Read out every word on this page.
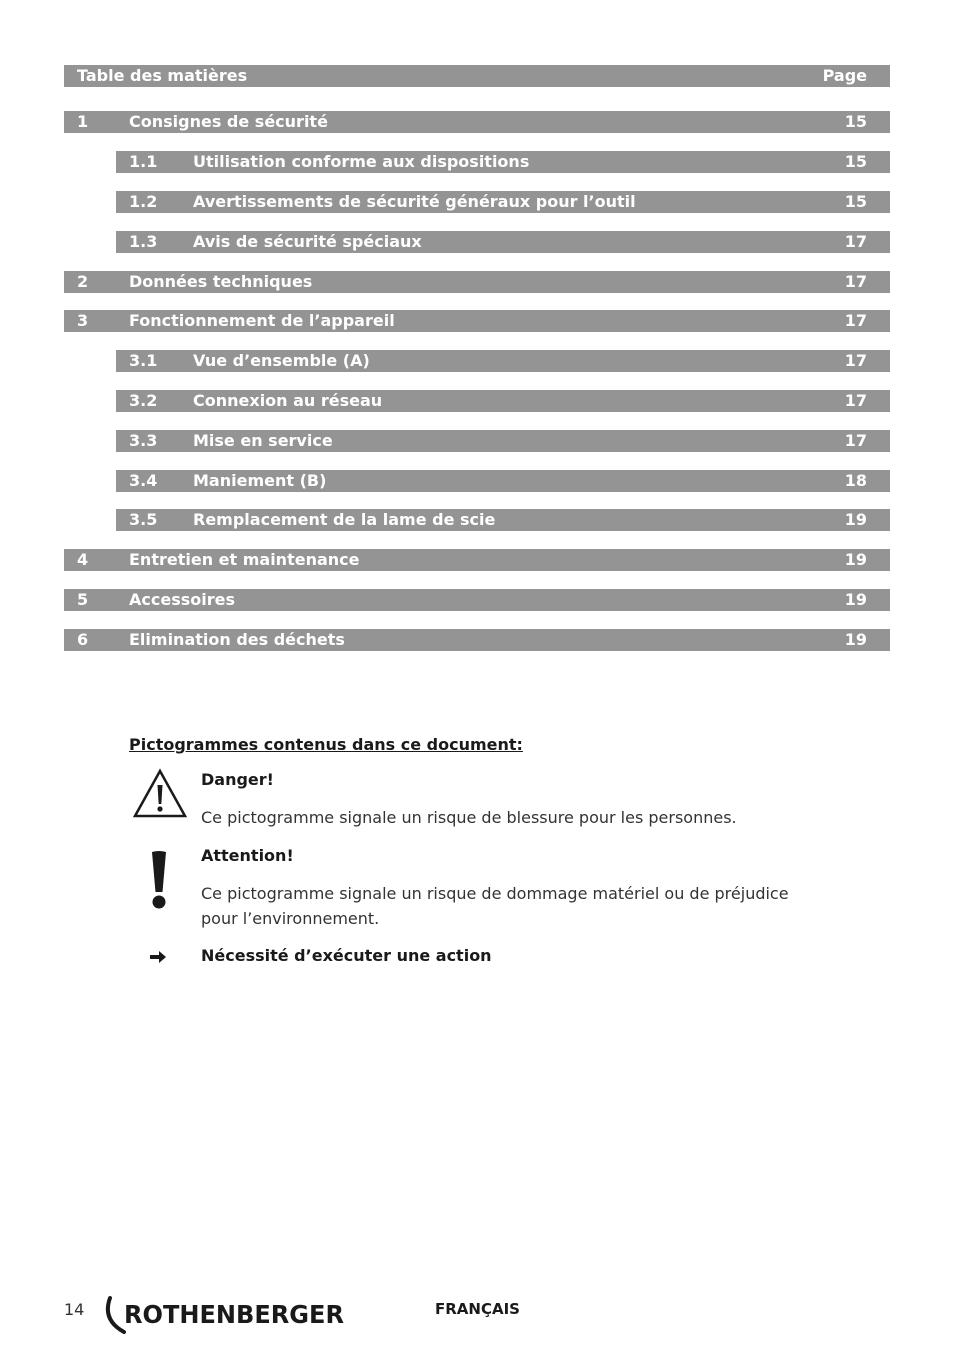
Table des matières	Page
1	Consignes de sécurité	15
1.1 Utilisation conforme aux dispositions	15
1.2 Avertissements de sécurité généraux pour l’outil	15
1.3 Avis de sécurité spéciaux	17
2	Données techniques	17
3	Fonctionnement de l’appareil	17
3.1 Vue d’ensemble (A)	17
3.2 Connexion au réseau	17
3.3 Mise en service	17
3.4 Maniement (B)	18
3.5 Remplacement de la lame de scie	19
4	Entretien et maintenance	19
5	Accessoires	19
6	Elimination des déchets	19
Pictogrammes contenus dans ce document:
Danger!
Ce pictogramme signale un risque de blessure pour les personnes.
Attention!
Ce pictogramme signale un risque de dommage matériel ou de préjudice pour l’environnement.
Nécessité d’exécuter une action
14 ROTHENBERGER	FRANÇAIS
